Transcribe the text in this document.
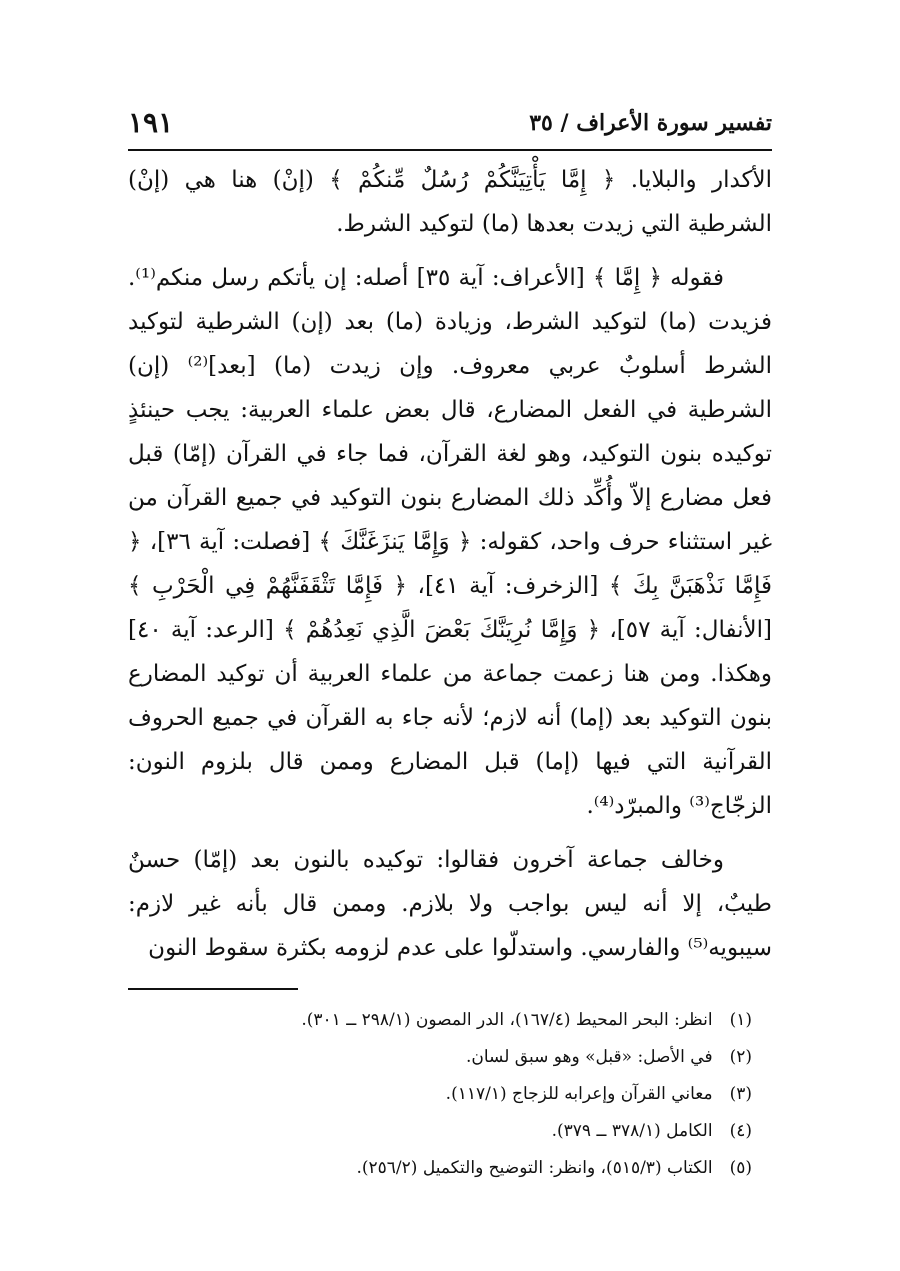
تفسير سورة الأعراف / ٣٥
١٩١

الأكدار والبلايا. ﴿ إِمَّا يَأْتِيَنَّكُمْ رُسُلٌ مِّنكُمْ ﴾ (إنْ) هنا هي (إنْ) الشرطية التي زيدت بعدها (ما) لتوكيد الشرط.

فقوله ﴿ إِمَّا ﴾ [الأعراف: آية ٣٥] أصله: إن يأتكم رسل منكم⁽¹⁾. فزيدت (ما) لتوكيد الشرط، وزيادة (ما) بعد (إن) الشرطية لتوكيد الشرط أسلوبٌ عربي معروف. وإن زيدت (ما) [بعد]⁽²⁾ (إن) الشرطية في الفعل المضارع، قال بعض علماء العربية: يجب حينئذٍ توكيده بنون التوكيد، وهو لغة القرآن، فما جاء في القرآن (إمّا) قبل فعل مضارع إلاّ وأُكِّد ذلك المضارع بنون التوكيد في جميع القرآن من غير استثناء حرف واحد، كقوله: ﴿ وَإِمَّا يَنزَغَنَّكَ ﴾ [فصلت: آية ٣٦]، ﴿ فَإِمَّا نَذْهَبَنَّ بِكَ ﴾ [الزخرف: آية ٤١]، ﴿ فَإِمَّا تَثْقَفَنَّهُمْ فِي الْحَرْبِ ﴾ [الأنفال: آية ٥٧]، ﴿ وَإِمَّا نُرِيَنَّكَ بَعْضَ الَّذِي نَعِدُهُمْ ﴾ [الرعد: آية ٤٠] وهكذا. ومن هنا زعمت جماعة من علماء العربية أن توكيد المضارع بنون التوكيد بعد (إما) أنه لازم؛ لأنه جاء به القرآن في جميع الحروف القرآنية التي فيها (إما) قبل المضارع وممن قال بلزوم النون: الزجّاج⁽³⁾ والمبرّد⁽⁴⁾.

وخالف جماعة آخرون فقالوا: توكيده بالنون بعد (إمّا) حسنٌ طيبٌ، إلا أنه ليس بواجب ولا بلازم. وممن قال بأنه غير لازم: سيبويه⁽⁵⁾ والفارسي. واستدلّوا على عدم لزومه بكثرة سقوط النون

(١) انظر: البحر المحيط (١٦٧/٤)، الدر المصون (٢٩٨/١ ــ ٣٠١).
(٢) في الأصل: «قبل» وهو سبق لسان.
(٣) معاني القرآن وإعرابه للزجاج (١١٧/١).
(٤) الكامل (٣٧٨/١ ــ ٣٧٩).
(٥) الكتاب (٥١٥/٣)، وانظر: التوضيح والتكميل (٢٥٦/٢).
